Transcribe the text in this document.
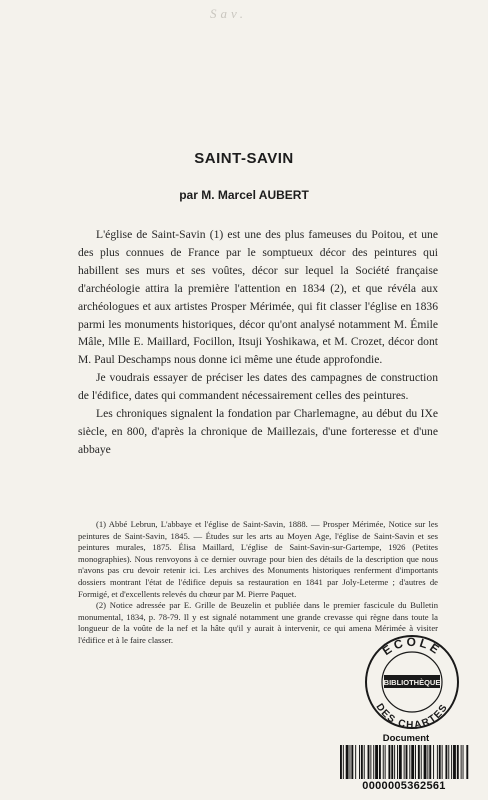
Sav.
SAINT-SAVIN
par M. Marcel AUBERT

L'église de Saint-Savin (1) est une des plus fameuses du Poitou, et une des plus connues de France par le somptueux décor des peintures qui habillent ses murs et ses voûtes, décor sur lequel la Société française d'archéologie attira la première l'attention en 1834 (2), et que révéla aux archéologues et aux artistes Prosper Mérimée, qui fit classer l'église en 1836 parmi les monuments historiques, décor qu'ont analysé notamment M. Émile Mâle, Mlle E. Maillard, Focillon, Itsuji Yoshikawa, et M. Crozet, décor dont M. Paul Deschamps nous donne ici même une étude approfondie.

Je voudrais essayer de préciser les dates des campagnes de construction de l'édifice, dates qui commandent nécessairement celles des peintures.

Les chroniques signalent la fondation par Charlemagne, au début du IXe siècle, en 800, d'après la chronique de Maillezais, d'une forteresse et d'une abbaye

(1) Abbé Lebrun, L'abbaye et l'église de Saint-Savin, 1888. — Prosper Mérimée, Notice sur les peintures de Saint-Savin, 1845. — Études sur les arts au Moyen Age, l'église de Saint-Savin et ses peintures murales, 1875. Élisa Maillard, L'église de Saint-Savin-sur-Gartempe, 1926 (Petites monographies). Nous renvoyons à ce dernier ouvrage pour bien des détails de la description que nous n'avons pas cru devoir retenir ici. Les archives des Monuments historiques renferment d'importants dossiers montrant l'état de l'édifice depuis sa restauration en 1841 par Joly-Leterme ; d'autres de Formigé, et d'excellents relevés du chœur par M. Pierre Paquet.

(2) Notice adressée par E. Grille de Beuzelin et publiée dans le premier fascicule du Bulletin monumental, 1834, p. 78-79. Il y est signalé notamment une grande crevasse qui règne dans toute la longueur de la voûte de la nef et la hâte qu'il y aurait à intervenir, ce qui amena Mérimée à visiter l'édifice et à le faire classer.

ÉCOLE
BIBLIOTHÈQUE
DES CHARTES
Document
0000005362561
